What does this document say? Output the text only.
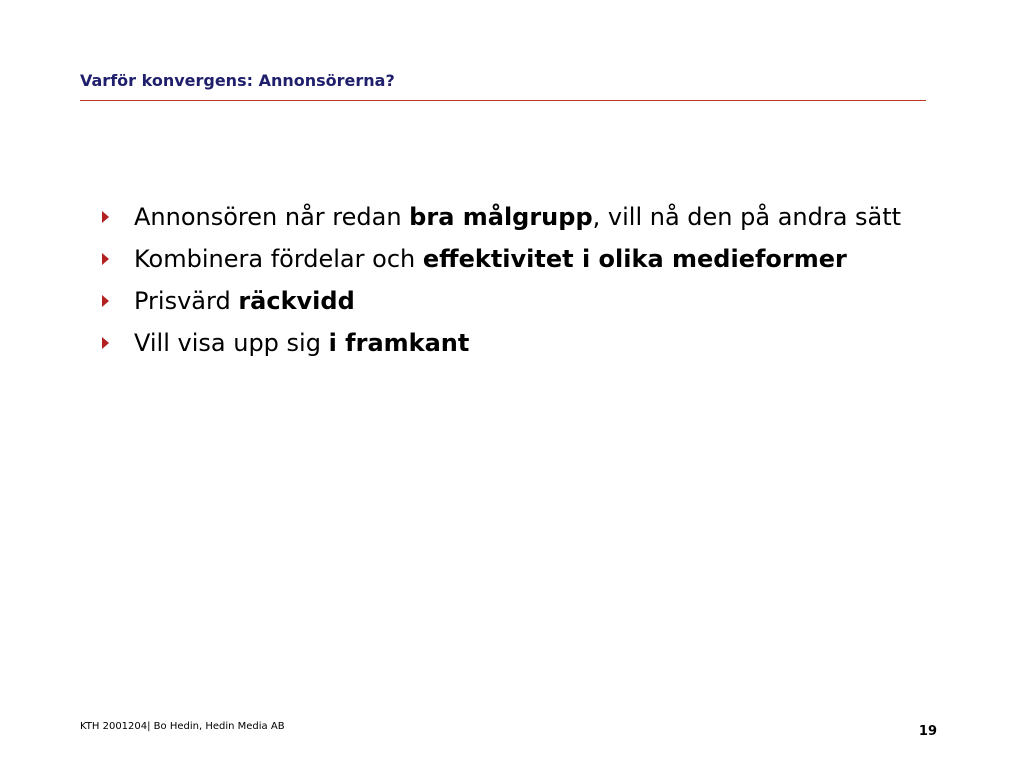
Varför konvergens: Annonsörerna?
Annonsören når redan bra målgrupp, vill nå den på andra sätt
Kombinera fördelar och effektivitet i olika medieformer
Prisvärd räckvidd
Vill visa upp sig i framkant
KTH 2001204| Bo Hedin, Hedin Media AB	19
